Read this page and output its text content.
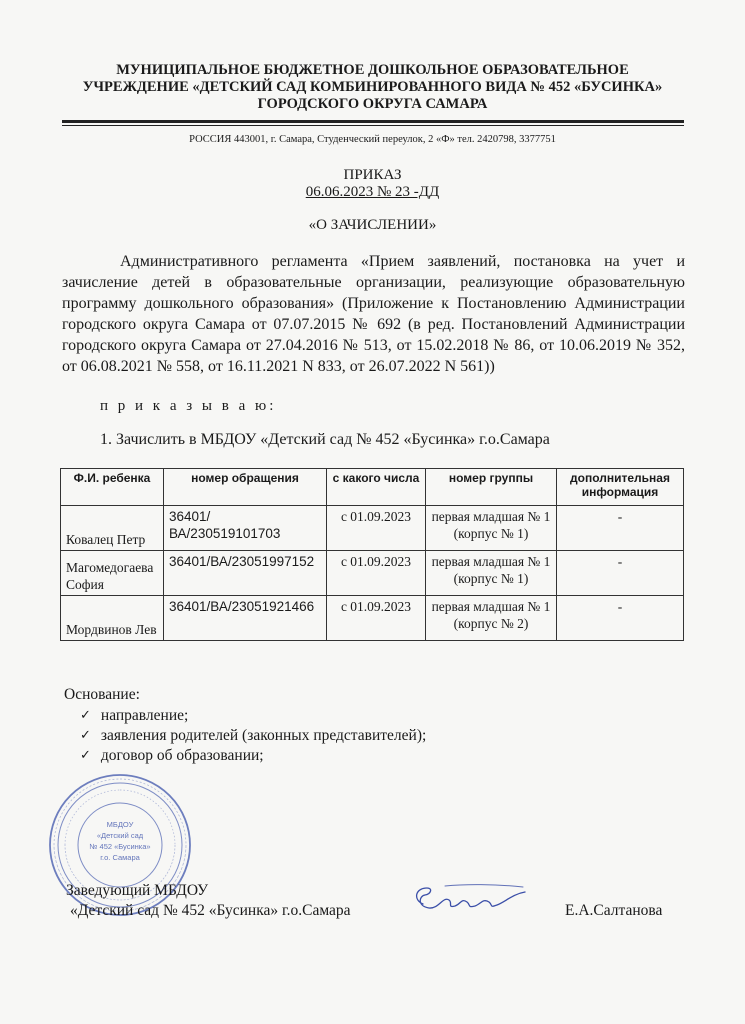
МУНИЦИПАЛЬНОЕ БЮДЖЕТНОЕ ДОШКОЛЬНОЕ ОБРАЗОВАТЕЛЬНОЕ
УЧРЕЖДЕНИЕ «ДЕТСКИЙ САД КОМБИНИРОВАННОГО ВИДА № 452 «БУСИНКА»
ГОРОДСКОГО ОКРУГА САМАРА
РОССИЯ 443001, г. Самара, Студенческий переулок, 2 «Ф» тел. 2420798, 3377751
ПРИКАЗ
06.06.2023 № 23 -ДД
«О ЗАЧИСЛЕНИИ»
Административного регламента «Прием заявлений, постановка на учет и зачисление детей в образовательные организации, реализующие образовательную программу дошкольного образования» (Приложение к Постановлению Администрации городского округа Самара от 07.07.2015 № 692 (в ред. Постановлений Администрации городского округа Самара от 27.04.2016 № 513, от 15.02.2018 № 86, от 10.06.2019 № 352, от 06.08.2021 № 558, от 16.11.2021 N 833, от 26.07.2022 N 561))
п р и к а з ы в а ю:
1. Зачислить в МБДОУ «Детский сад № 452 «Бусинка» г.о.Самара
Ф.И. ребенка	номер обращения	с какого числа	номер группы	дополнительная информация
Ковалец Петр	36401/ВА/230519101703	с 01.09.2023	первая младшая № 1 (корпус № 1)	-
Магомедогаева София	36401/ВА/23051997152	с 01.09.2023	первая младшая № 1 (корпус № 1)	-
Мордвинов Лев	36401/ВА/23051921466	с 01.09.2023	первая младшая № 1 (корпус № 2)	-
Основание:
✓ направление;
✓ заявления родителей (законных представителей);
✓ договор об образовании;
МБДОУ
«Детский сад
№ 452 «Бусинка»
г.о. Самара
Заведующий МБДОУ
«Детский сад № 452 «Бусинка» г.о.Самара	Е.А.Салтанова
